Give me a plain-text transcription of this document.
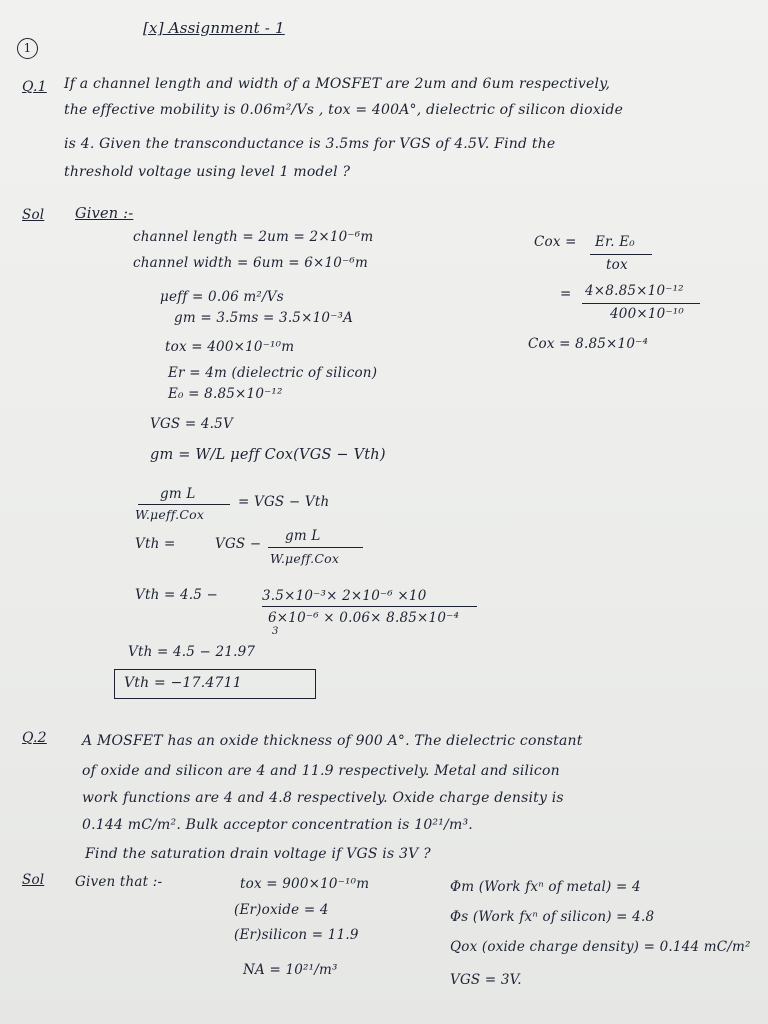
1
[x] Assignment - 1
Q.1 If a channel length and width of a MOSFET are 2um and 6um respectively,
the effective mobility is 0.06m²/Vs , tox = 400A°, dielectric of silicon dioxide
is 4. Given the transconductance is 3.5ms for VGS of 4.5V. Find the
threshold voltage using level 1 model ?
Sol Given :-
channel length = 2um = 2×10⁻⁶m
channel width = 6um = 6×10⁻⁶m
μeff = 0.06 m²/Vs
gm = 3.5ms = 3.5×10⁻³A
tox = 400×10⁻¹⁰m
Er = 4m (dielectric of silicon)
E₀ = 8.85×10⁻¹²
VGS = 4.5V
gm = W/L μeff Cox(VGS − Vth)
gm L
W.μeff.Cox
= VGS − Vth
Vth =	VGS − gm L
W.μeff.Cox
Vth = 4.5 −	3.5×10⁻³× 2×10⁻⁶ ×10
6×10⁻⁶ × 0.06× 8.85×10⁻⁴
3
Vth = 4.5 − 21.97
Vth = −17.4711
Cox = Er. E₀
tox
= 4×8.85×10⁻¹²
400×10⁻¹⁰
Cox = 8.85×10⁻⁴
Q.2	A MOSFET has an oxide thickness of 900 A°. The dielectric constant
of oxide and silicon are 4 and 11.9 respectively. Metal and silicon
work functions are 4 and 4.8 respectively. Oxide charge density is
0.144 mC/m². Bulk acceptor concentration is 10²¹/m³.
Find the saturation drain voltage if VGS is 3V ?
Sol Given that :-	tox = 900×10⁻¹⁰m
(Er)oxide = 4
(Er)silicon = 11.9
NA = 10²¹/m³
Φm (Work fxⁿ of metal) = 4
Φs (Work fxⁿ of silicon) = 4.8
Qox (oxide charge density) = 0.144 mC/m²
VGS = 3V.
